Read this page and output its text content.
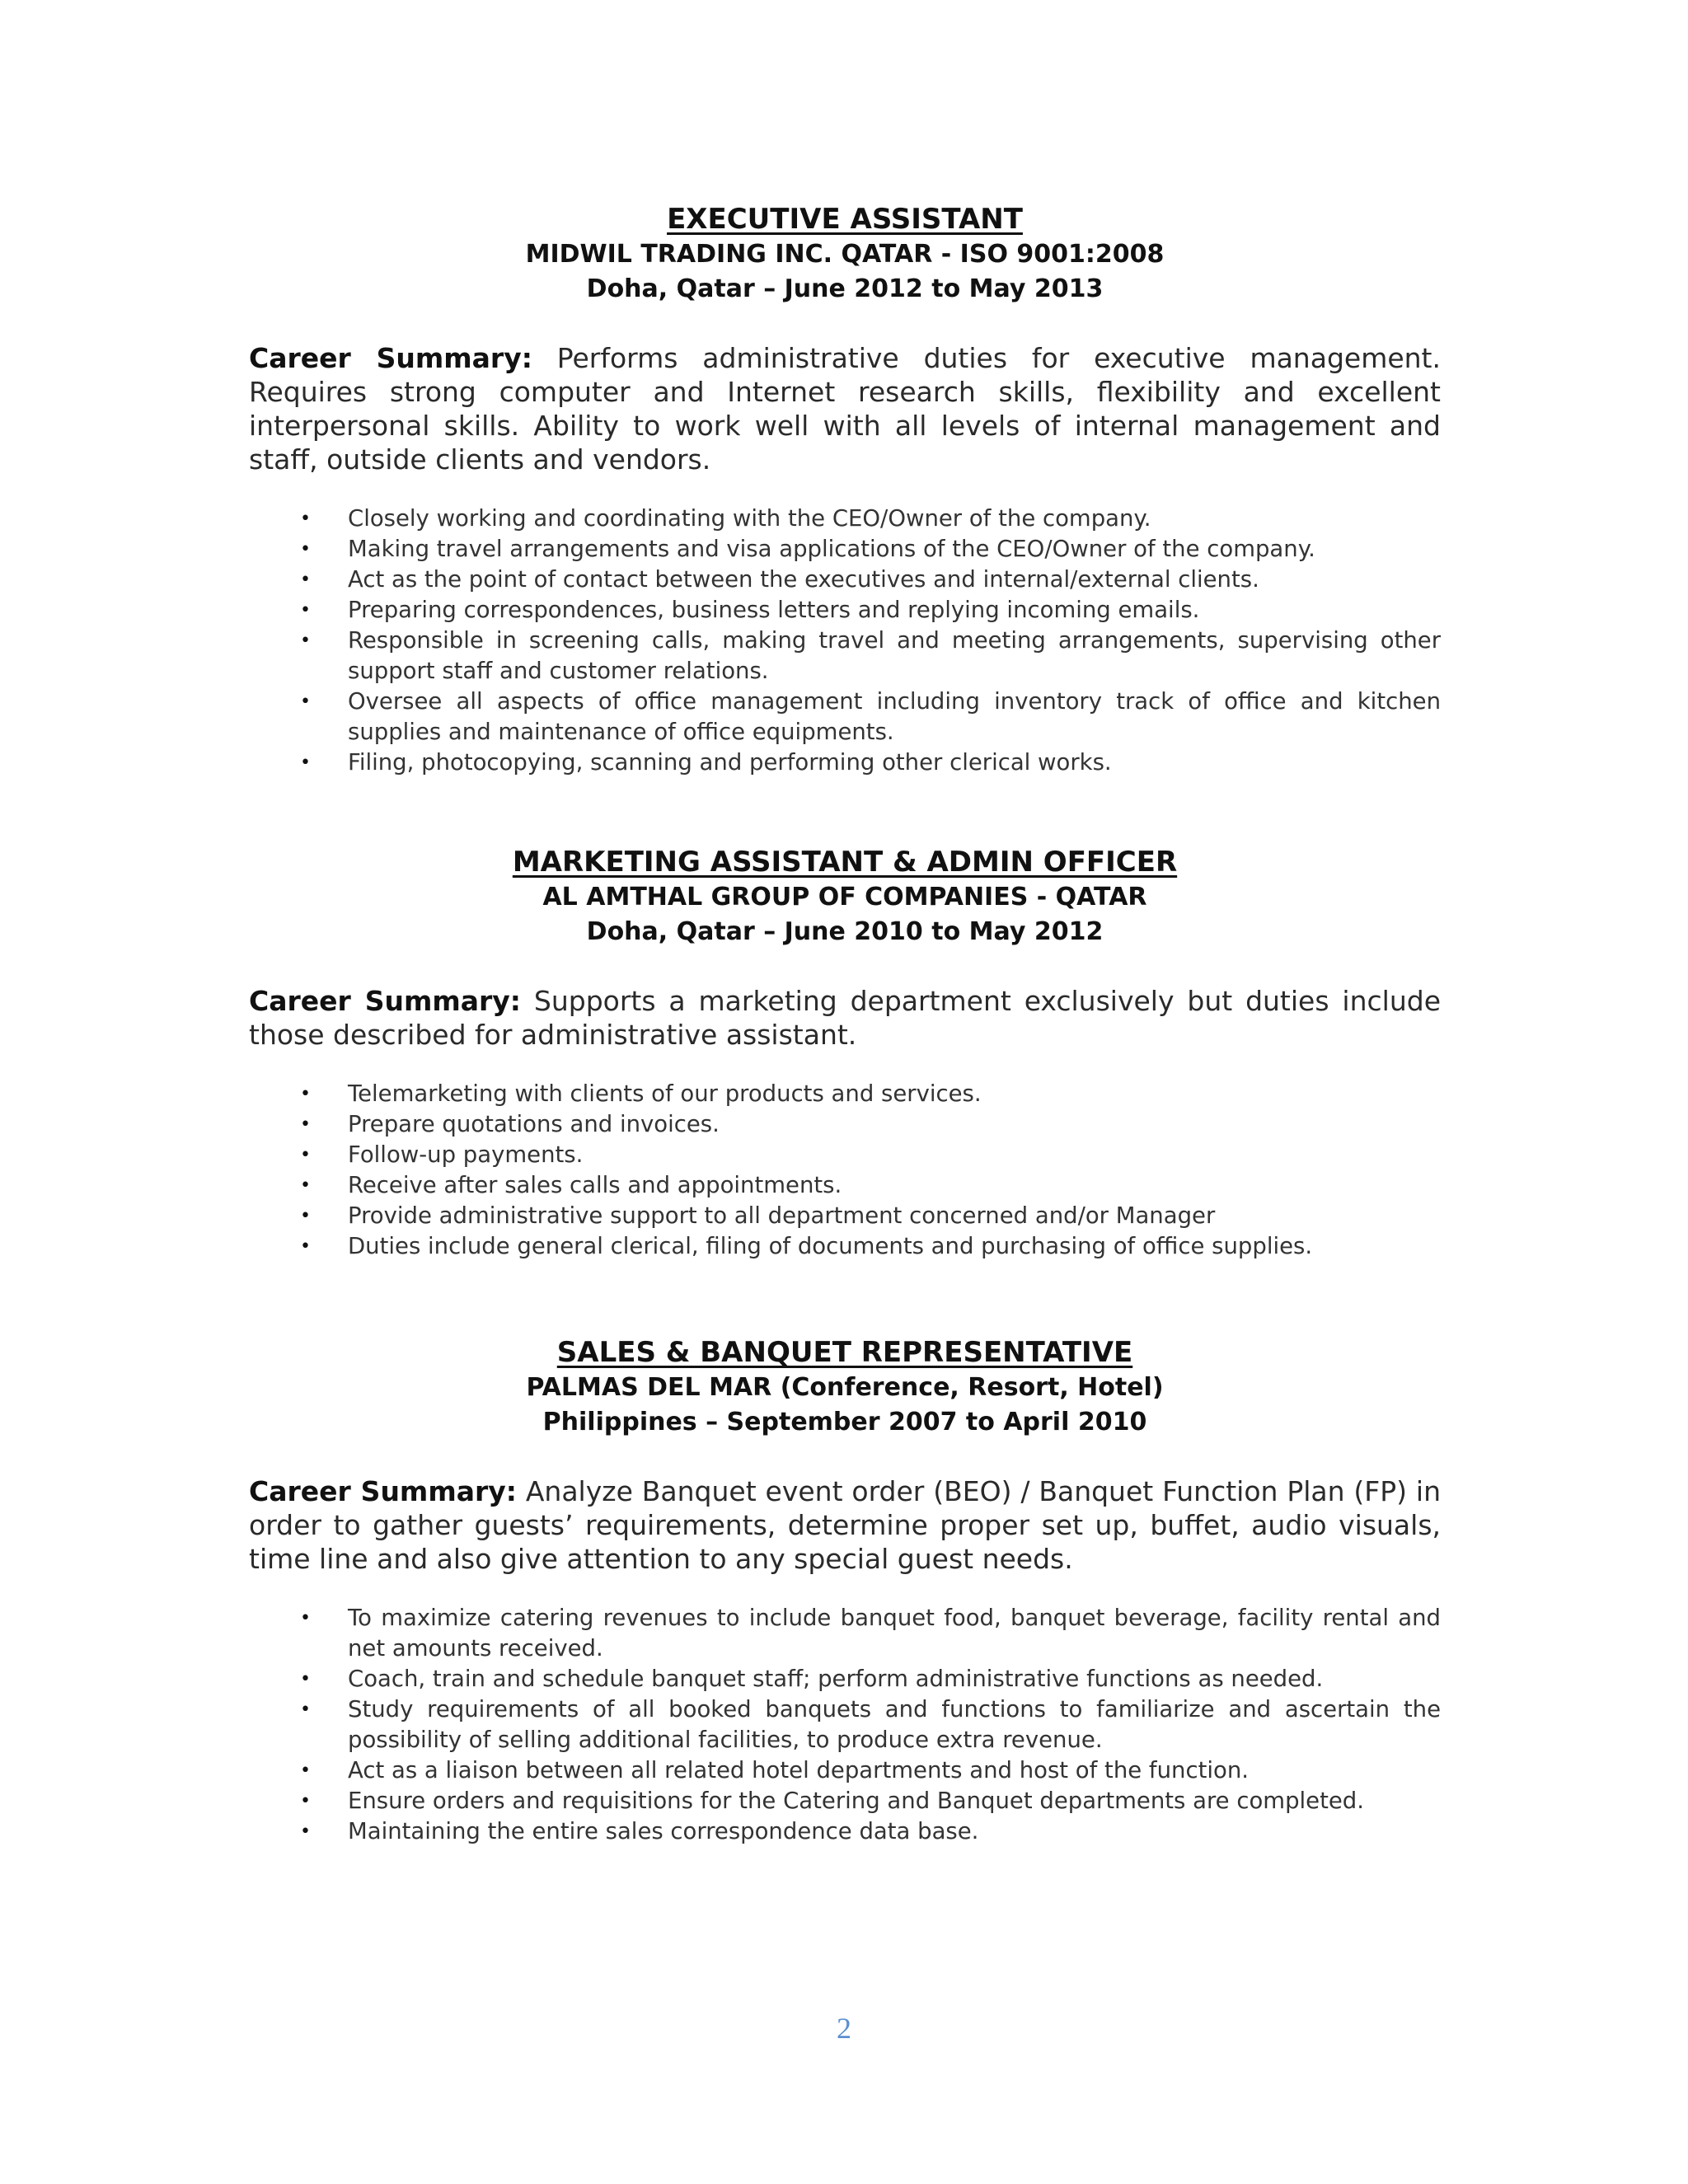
EXECUTIVE ASSISTANT
MIDWIL TRADING INC. QATAR - ISO 9001:2008
Doha, Qatar – June 2012 to May 2013
Career Summary: Performs administrative duties for executive management. Requires strong computer and Internet research skills, flexibility and excellent interpersonal skills. Ability to work well with all levels of internal management and staff, outside clients and vendors.
• Closely working and coordinating with the CEO/Owner of the company.
• Making travel arrangements and visa applications of the CEO/Owner of the company.
• Act as the point of contact between the executives and internal/external clients.
• Preparing correspondences, business letters and replying incoming emails.
• Responsible in screening calls, making travel and meeting arrangements, supervising other support staff and customer relations.
• Oversee all aspects of office management including inventory track of office and kitchen supplies and maintenance of office equipments.
• Filing, photocopying, scanning and performing other clerical works.
MARKETING ASSISTANT & ADMIN OFFICER
AL AMTHAL GROUP OF COMPANIES - QATAR
Doha, Qatar – June 2010 to May 2012
Career Summary: Supports a marketing department exclusively but duties include those described for administrative assistant.
• Telemarketing with clients of our products and services.
• Prepare quotations and invoices.
• Follow-up payments.
• Receive after sales calls and appointments.
• Provide administrative support to all department concerned and/or Manager
• Duties include general clerical, filing of documents and purchasing of office supplies.
SALES & BANQUET REPRESENTATIVE
PALMAS DEL MAR (Conference, Resort, Hotel)
Philippines – September 2007 to April 2010
Career Summary: Analyze Banquet event order (BEO) / Banquet Function Plan (FP) in order to gather guests’ requirements, determine proper set up, buffet, audio visuals, time line and also give attention to any special guest needs.
• To maximize catering revenues to include banquet food, banquet beverage, facility rental and net amounts received.
• Coach, train and schedule banquet staff; perform administrative functions as needed.
• Study requirements of all booked banquets and functions to familiarize and ascertain the possibility of selling additional facilities, to produce extra revenue.
• Act as a liaison between all related hotel departments and host of the function.
• Ensure orders and requisitions for the Catering and Banquet departments are completed.
• Maintaining the entire sales correspondence data base.
2
